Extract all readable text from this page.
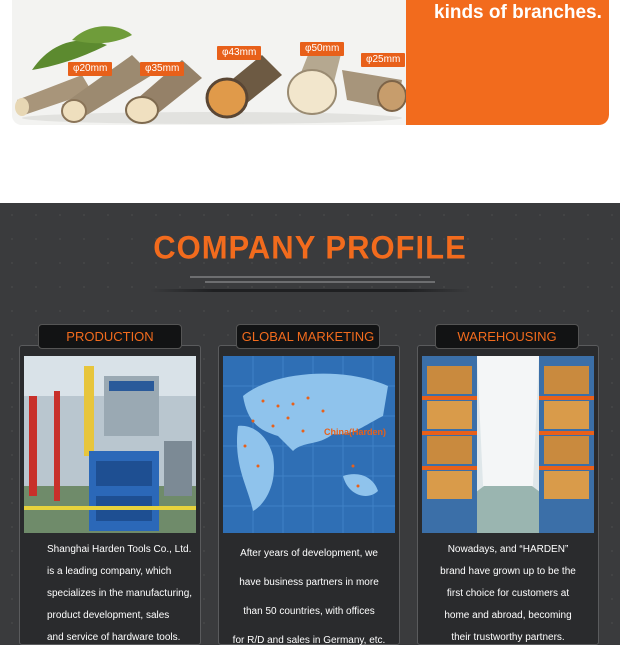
φ20mm	φ35mm
φ43mm	φ50mm
φ25mm
kinds of branches.
COMPANY PROFILE
Shanghai Harden Tools Co., Ltd.
is a leading company, which
specializes in the manufacturing,
product development, sales
and service of hardware tools.
PRODUCTION
China(Harden)
After years of development, we
have business partners in more
than 50 countries, with offices
for R/D and sales in Germany, etc.
GLOBAL MARKETING
Nowadays, and “HARDEN”
brand have grown up to be the
first choice for customers at
home and abroad, becoming
their trustworthy partners.
WAREHOUSING
